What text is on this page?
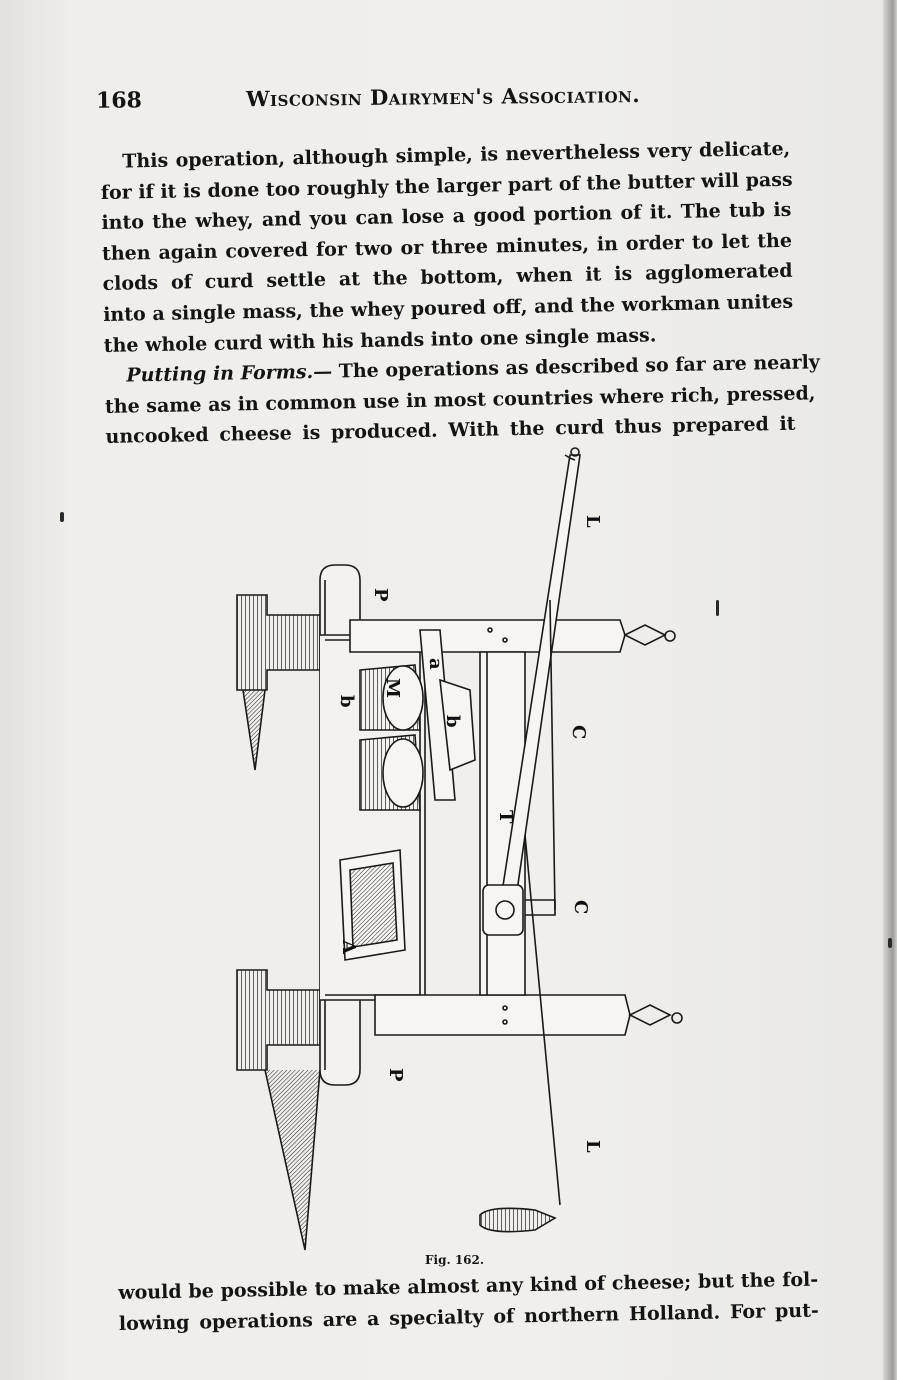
168	Wisconsin Dairymen's Association.
This operation, although simple, is nevertheless very delicate,
for if it is done too roughly the larger part of the butter will pass
into the whey, and you can lose a good portion of it. The tub is
then again covered for two or three minutes, in order to let the
clods of curd settle at the bottom, when it is agglomerated
into a single mass, the whey poured off, and the workman unites
the whole curd with his hands into one single mass.
Putting in Forms.— The operations as described so far are nearly
the same as in common use in most countries where rich, pressed,
uncooked cheese is produced. With the curd thus prepared it
L
L
P
P
M
b
b
a
A
C
C
T
Fig. 162.
would be possible to make almost any kind of cheese; but the fol-
lowing operations are a specialty of northern Holland. For put-
